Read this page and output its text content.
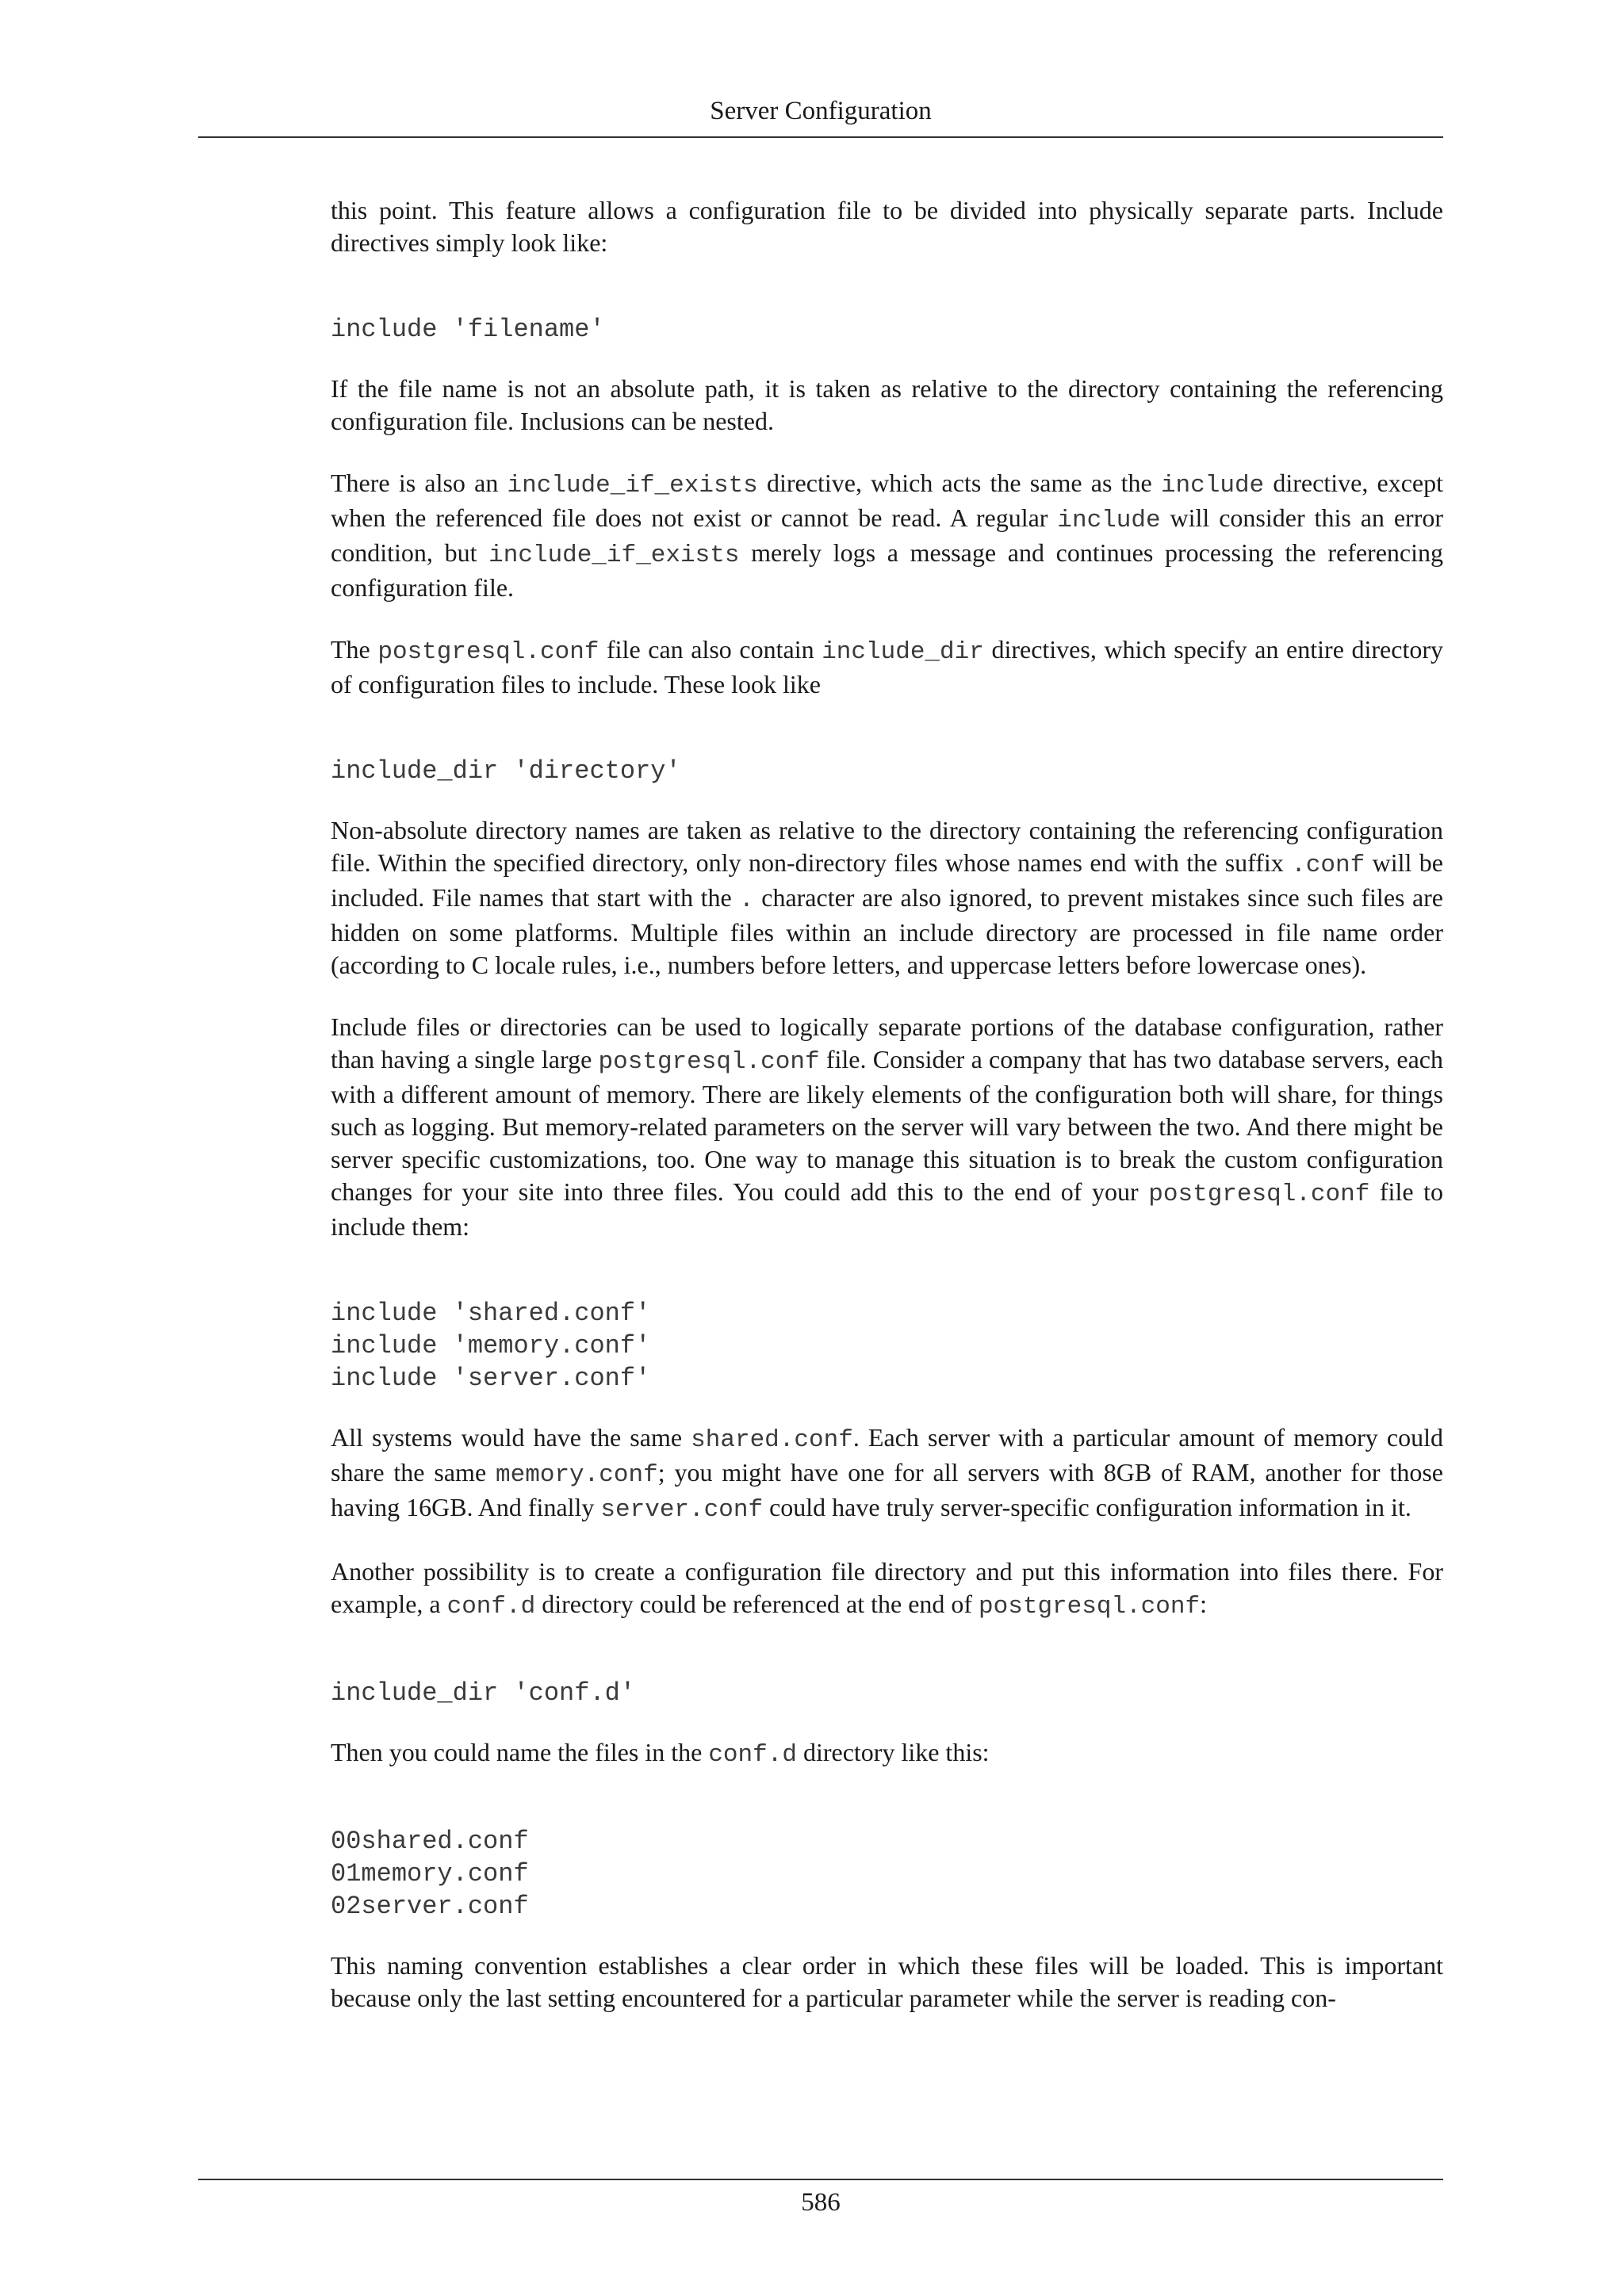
Server Configuration

this point. This feature allows a configuration file to be divided into physically separate parts. Include directives simply look like:

include 'filename'

If the file name is not an absolute path, it is taken as relative to the directory containing the referencing configuration file. Inclusions can be nested.

There is also an include_if_exists directive, which acts the same as the include directive, except when the referenced file does not exist or cannot be read. A regular include will consider this an error condition, but include_if_exists merely logs a message and continues processing the referencing configuration file.

The postgresql.conf file can also contain include_dir directives, which specify an entire directory of configuration files to include. These look like

include_dir 'directory'

Non-absolute directory names are taken as relative to the directory containing the referencing configuration file. Within the specified directory, only non-directory files whose names end with the suffix .conf will be included. File names that start with the . character are also ignored, to prevent mistakes since such files are hidden on some platforms. Multiple files within an include directory are processed in file name order (according to C locale rules, i.e., numbers before letters, and uppercase letters before lowercase ones).

Include files or directories can be used to logically separate portions of the database configuration, rather than having a single large postgresql.conf file. Consider a company that has two database servers, each with a different amount of memory. There are likely elements of the configuration both will share, for things such as logging. But memory-related parameters on the server will vary between the two. And there might be server specific customizations, too. One way to manage this situation is to break the custom configuration changes for your site into three files. You could add this to the end of your postgresql.conf file to include them:

include 'shared.conf'
include 'memory.conf'
include 'server.conf'

All systems would have the same shared.conf. Each server with a particular amount of memory could share the same memory.conf; you might have one for all servers with 8GB of RAM, another for those having 16GB. And finally server.conf could have truly server-specific configuration information in it.

Another possibility is to create a configuration file directory and put this information into files there. For example, a conf.d directory could be referenced at the end of postgresql.conf:

include_dir 'conf.d'

Then you could name the files in the conf.d directory like this:

00shared.conf
01memory.conf
02server.conf

This naming convention establishes a clear order in which these files will be loaded. This is important because only the last setting encountered for a particular parameter while the server is reading con-

586
